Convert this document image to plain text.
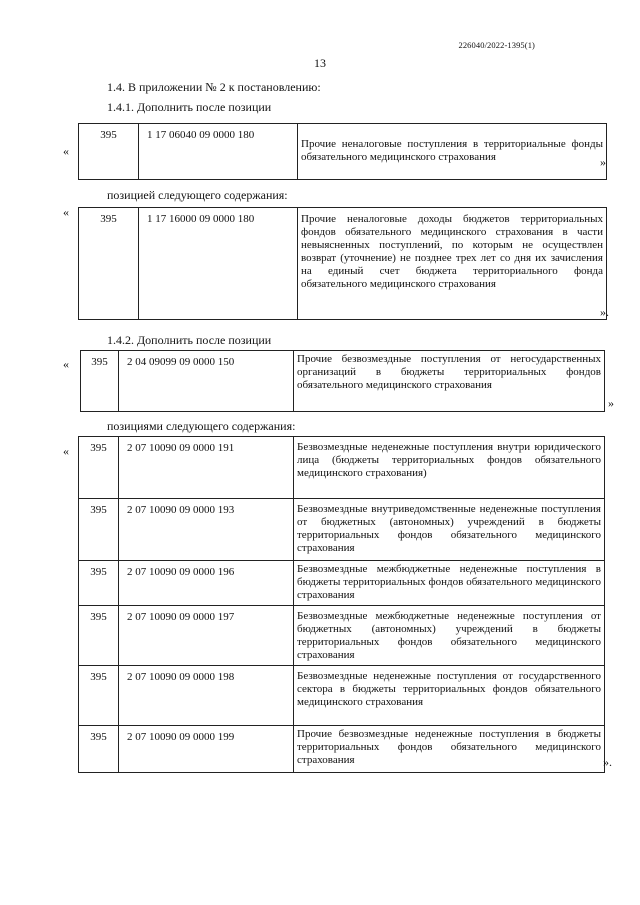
226040/2022-1395(1)
13
1.4. В приложении № 2 к постановлению:
1.4.1. Дополнить после позиции
«
395	1 17 06040 09 0000 180	Прочие неналоговые поступления в территориальные фонды обязательного медицинского страхования	»
позицией следующего содержания:
«	395	1 17 16000 09 0000 180	Прочие неналоговые доходы бюджетов территориальных фондов обязательного медицинского страхования в части невыясненных поступлений, по которым не осуществлен возврат (уточнение) не позднее трех лет со дня их зачисления на единый счет бюджета территориального фонда обязательного медицинского страхования
».
1.4.2. Дополнить после позиции
« 395	2 04 09099 09 0000 150	Прочие безвозмездные поступления от негосударственных организаций в бюджеты территориальных фондов обязательного медицинского страхования
»
позициями следующего содержания:
« 395	2 07 10090 09 0000 191	Безвозмездные неденежные поступления внутри юридического лица (бюджеты территориальных фондов обязательного медицинского страхования)
395	2 07 10090 09 0000 193	Безвозмездные внутриведомственные неденежные поступления от бюджетных (автономных) учреждений в бюджеты территориальных фондов обязательного медицинского страхования
395	2 07 10090 09 0000 196	Безвозмездные межбюджетные неденежные поступления в бюджеты территориальных фондов обязательного медицинского страхования
395	2 07 10090 09 0000 197	Безвозмездные межбюджетные неденежные поступления от бюджетных (автономных) учреждений в бюджеты территориальных фондов обязательного медицинского страхования
395	2 07 10090 09 0000 198	Безвозмездные неденежные поступления от государственного сектора в бюджеты территориальных фондов обязательного медицинского страхования
395	2 07 10090 09 0000 199	Прочие безвозмездные неденежные поступления в бюджеты территориальных фондов обязательного медицинского страхования	».
